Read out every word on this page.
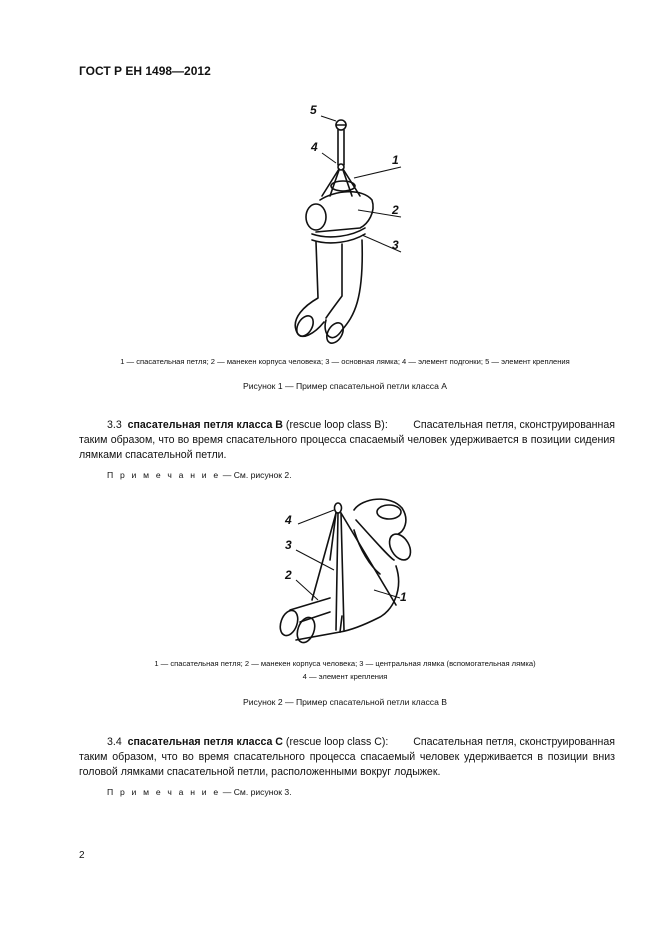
ГОСТ Р ЕН 1498—2012
5
4
1
2
3
1 — спасательная петля; 2 — манекен корпуса человека; 3 — основная лямка; 4 — элемент подгонки; 5 — элемент крепления
Рисунок 1 — Пример спасательной петли класса А
3.3 спасательная петля класса В (rescue loop class B): Спасательная петля, сконструированная
таким образом, что во время спасательного процесса спасаемый человек удерживается в позиции сидения лямками спасательной петли.
П р и м е ч а н и е — См. рисунок 2.
4
3
2
1
1 — спасательная петля; 2 — манекен корпуса человека; 3 — центральная лямка (вспомогательная лямка)
4 — элемент крепления
Рисунок 2 — Пример спасательной петли класса В
3.4 спасательная петля класса С (rescue loop class C): Спасательная петля, сконструированная
таким образом, что во время спасательного процесса спасаемый человек удерживается в позиции вниз головой лямками спасательной петли, расположенными вокруг лодыжек.
П р и м е ч а н и е — См. рисунок 3.
2
